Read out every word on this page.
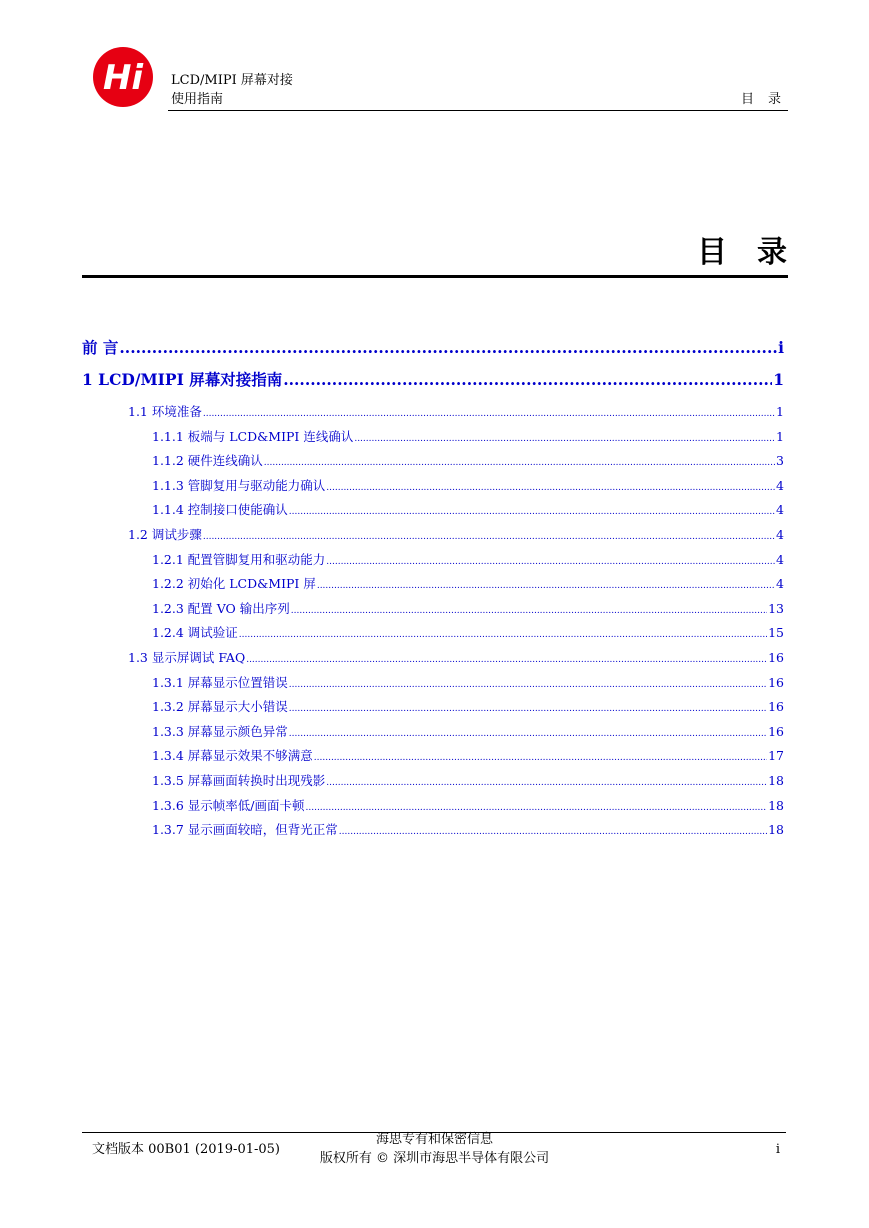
Hi LCD/MIPI 屏幕对接
使用指南	目录
目录
前 言 .....	i
1 LCD/MIPI 屏幕对接指南 .....	1
1.1 环境准备 .....	1
1.1.1 板端与 LCD&MIPI 连线确认 .....	1
1.1.2 硬件连线确认 .....	3
1.1.3 管脚复用与驱动能力确认 .....	4
1.1.4 控制接口使能确认 .....	4
1.2 调试步骤 .....	4
1.2.1 配置管脚复用和驱动能力 .....	4
1.2.2 初始化 LCD&MIPI 屏 .....	4
1.2.3 配置 VO 输出序列 .....	13
1.2.4 调试验证 .....	15
1.3 显示屏调试 FAQ .....	16
1.3.1 屏幕显示位置错误 .....	16
1.3.2 屏幕显示大小错误 .....	16
1.3.3 屏幕显示颜色异常 .....	16
1.3.4 屏幕显示效果不够满意 .....	17
1.3.5 屏幕画面转换时出现残影 .....	18
1.3.6 显示帧率低/画面卡顿 .....	18
1.3.7 显示画面较暗，但背光正常 .....	18
文档版本 00B01 (2019-01-05)
海思专有和保密信息
版权所有 © 深圳市海思半导体有限公司
i
